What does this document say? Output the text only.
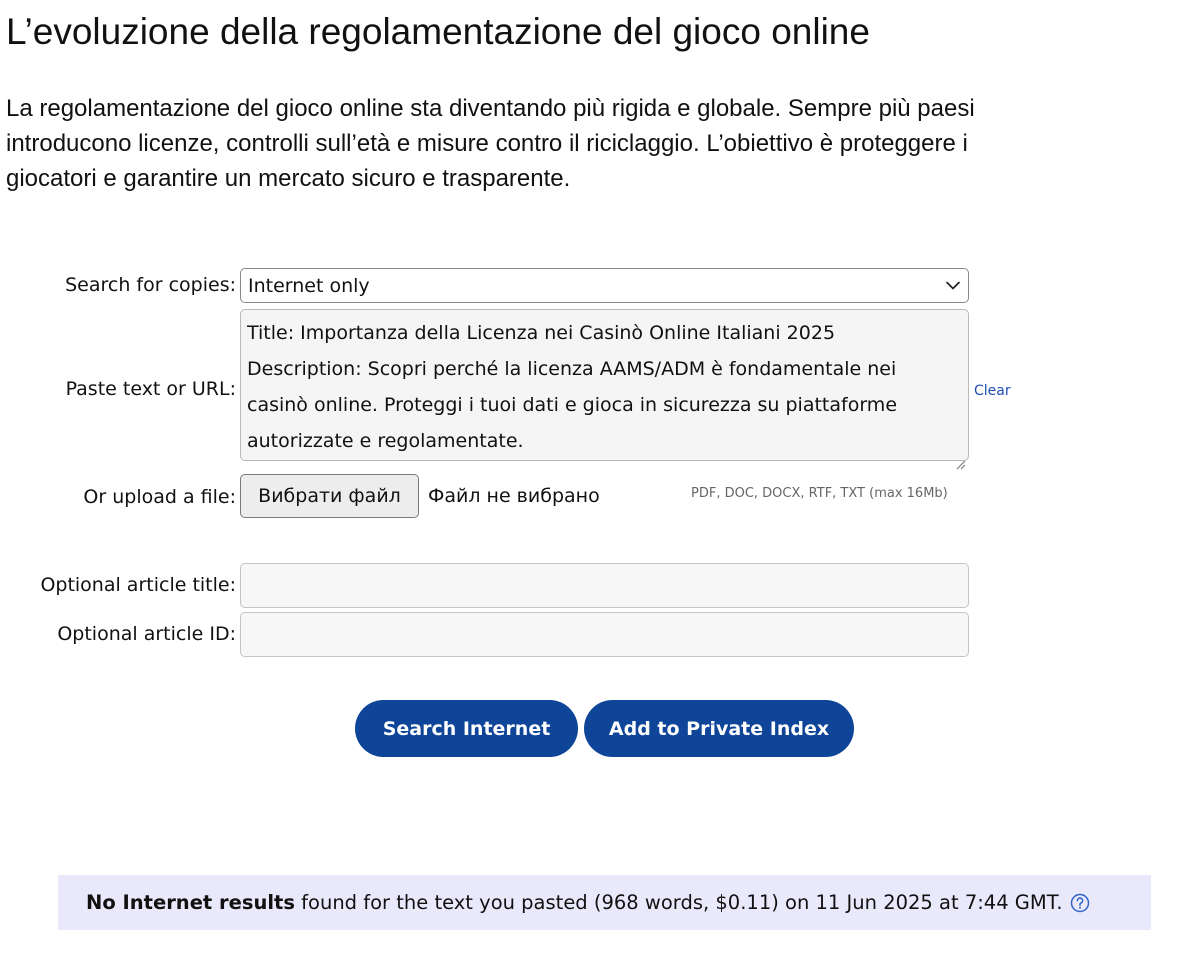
L’evoluzione della regolamentazione del gioco online

La regolamentazione del gioco online sta diventando più rigida e globale. Sempre più paesi
introducono licenze, controlli sull’età e misure contro il riciclaggio. L’obiettivo è proteggere i
giocatori e garantire un mercato sicuro e trasparente.

Search for copies: Internet only
Paste text or URL:
Title: Importanza della Licenza nei Casinò Online Italiani 2025
Description: Scopri perché la licenza AAMS/ADM è fondamentale nei
casinò online. Proteggi i tuoi dati e gioca in sicurezza su piattaforme
autorizzate e regolamentate.
Clear
Or upload a file:	Вибрати файл	Файл не вибрано	PDF, DOC, DOCX, RTF, TXT (max 16Mb)
Optional article title:
Optional article ID:
Search Internet	Add to Private Index
No Internet results found for the text you pasted (968 words, $0.11) on 11 Jun 2025 at 7:44 GMT.
